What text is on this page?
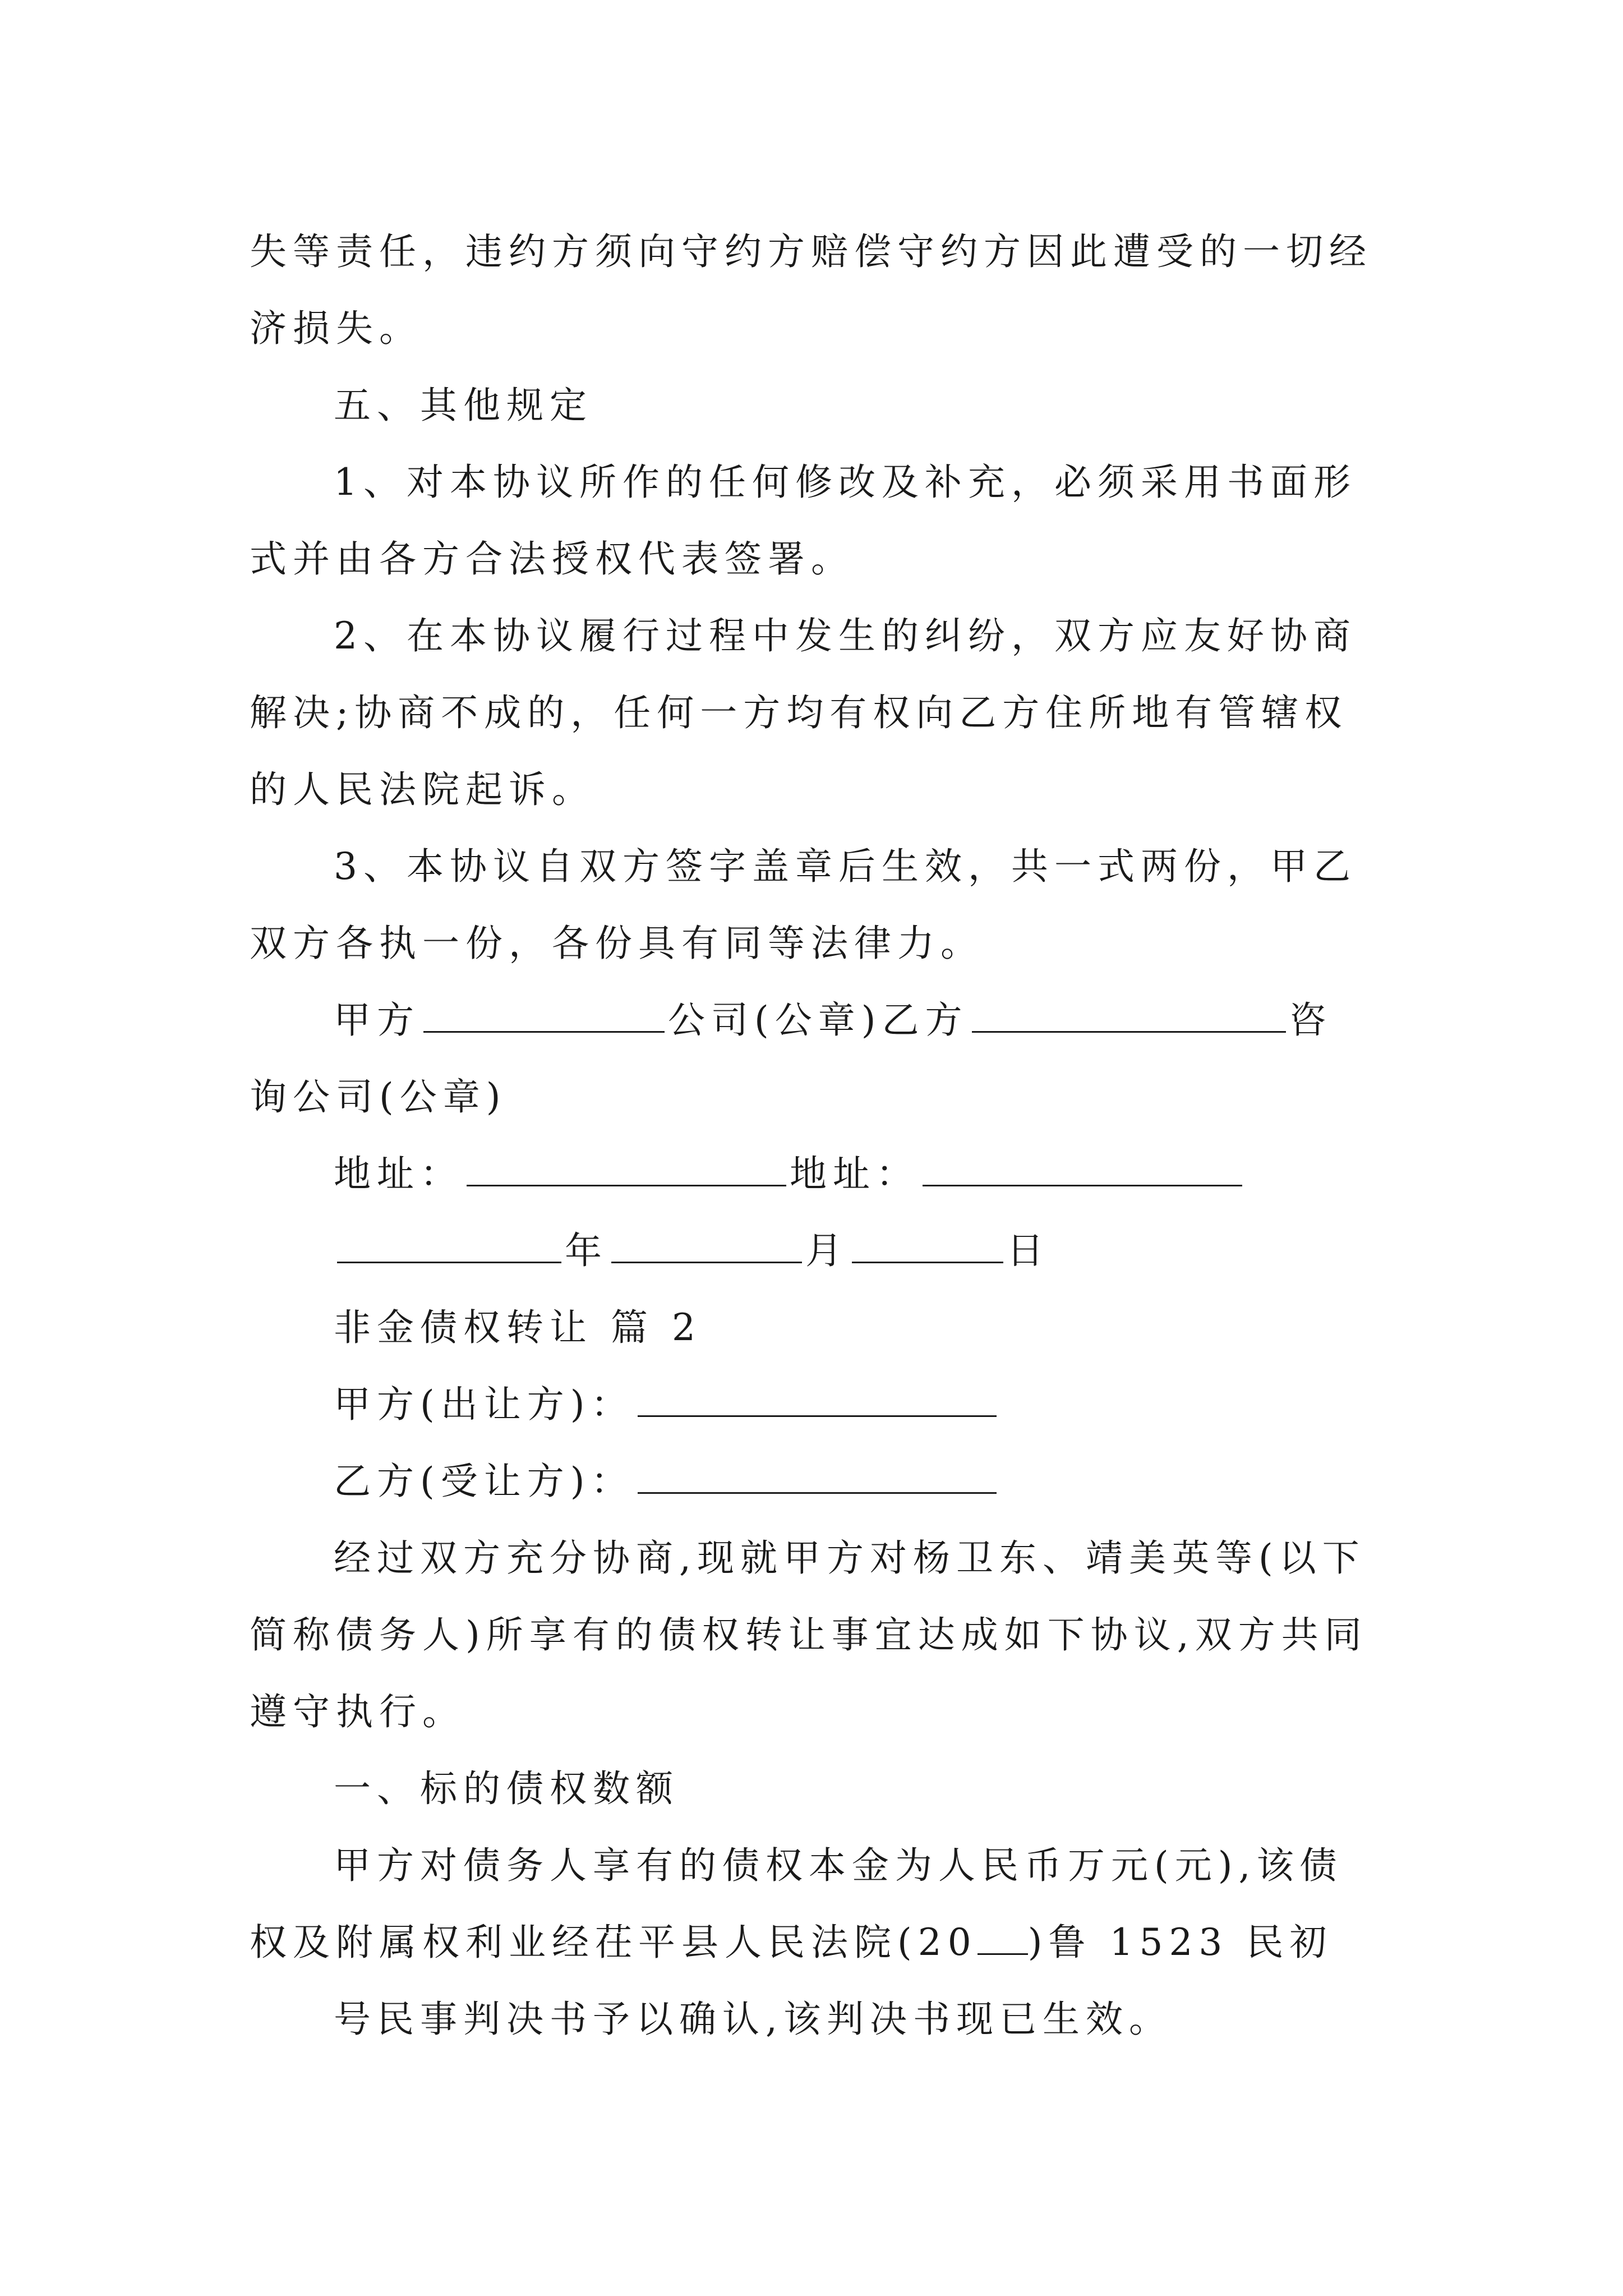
失等责任，违约方须向守约方赔偿守约方因此遭受的一切经
济损失。
五、其他规定
1、对本协议所作的任何修改及补充，必须采用书面形
式并由各方合法授权代表签署。
2、在本协议履行过程中发生的纠纷，双方应友好协商
解决;协商不成的，任何一方均有权向乙方住所地有管辖权
的人民法院起诉。
3、本协议自双方签字盖章后生效，共一式两份，甲乙
双方各执一份，各份具有同等法律力。
甲方	公司(公章)乙方	咨
询公司(公章)
地址：	地址：
年	月	日
非金债权转让 篇 2
甲方(出让方)：
乙方(受让方)：
经过双方充分协商,现就甲方对杨卫东、靖美英等(以下
简称债务人)所享有的债权转让事宜达成如下协议,双方共同
遵守执行。
一、标的债权数额
甲方对债务人享有的债权本金为人民币万元(元),该债
权及附属权利业经茌平县人民法院(20 )鲁 1523 民初
号民事判决书予以确认,该判决书现已生效。
